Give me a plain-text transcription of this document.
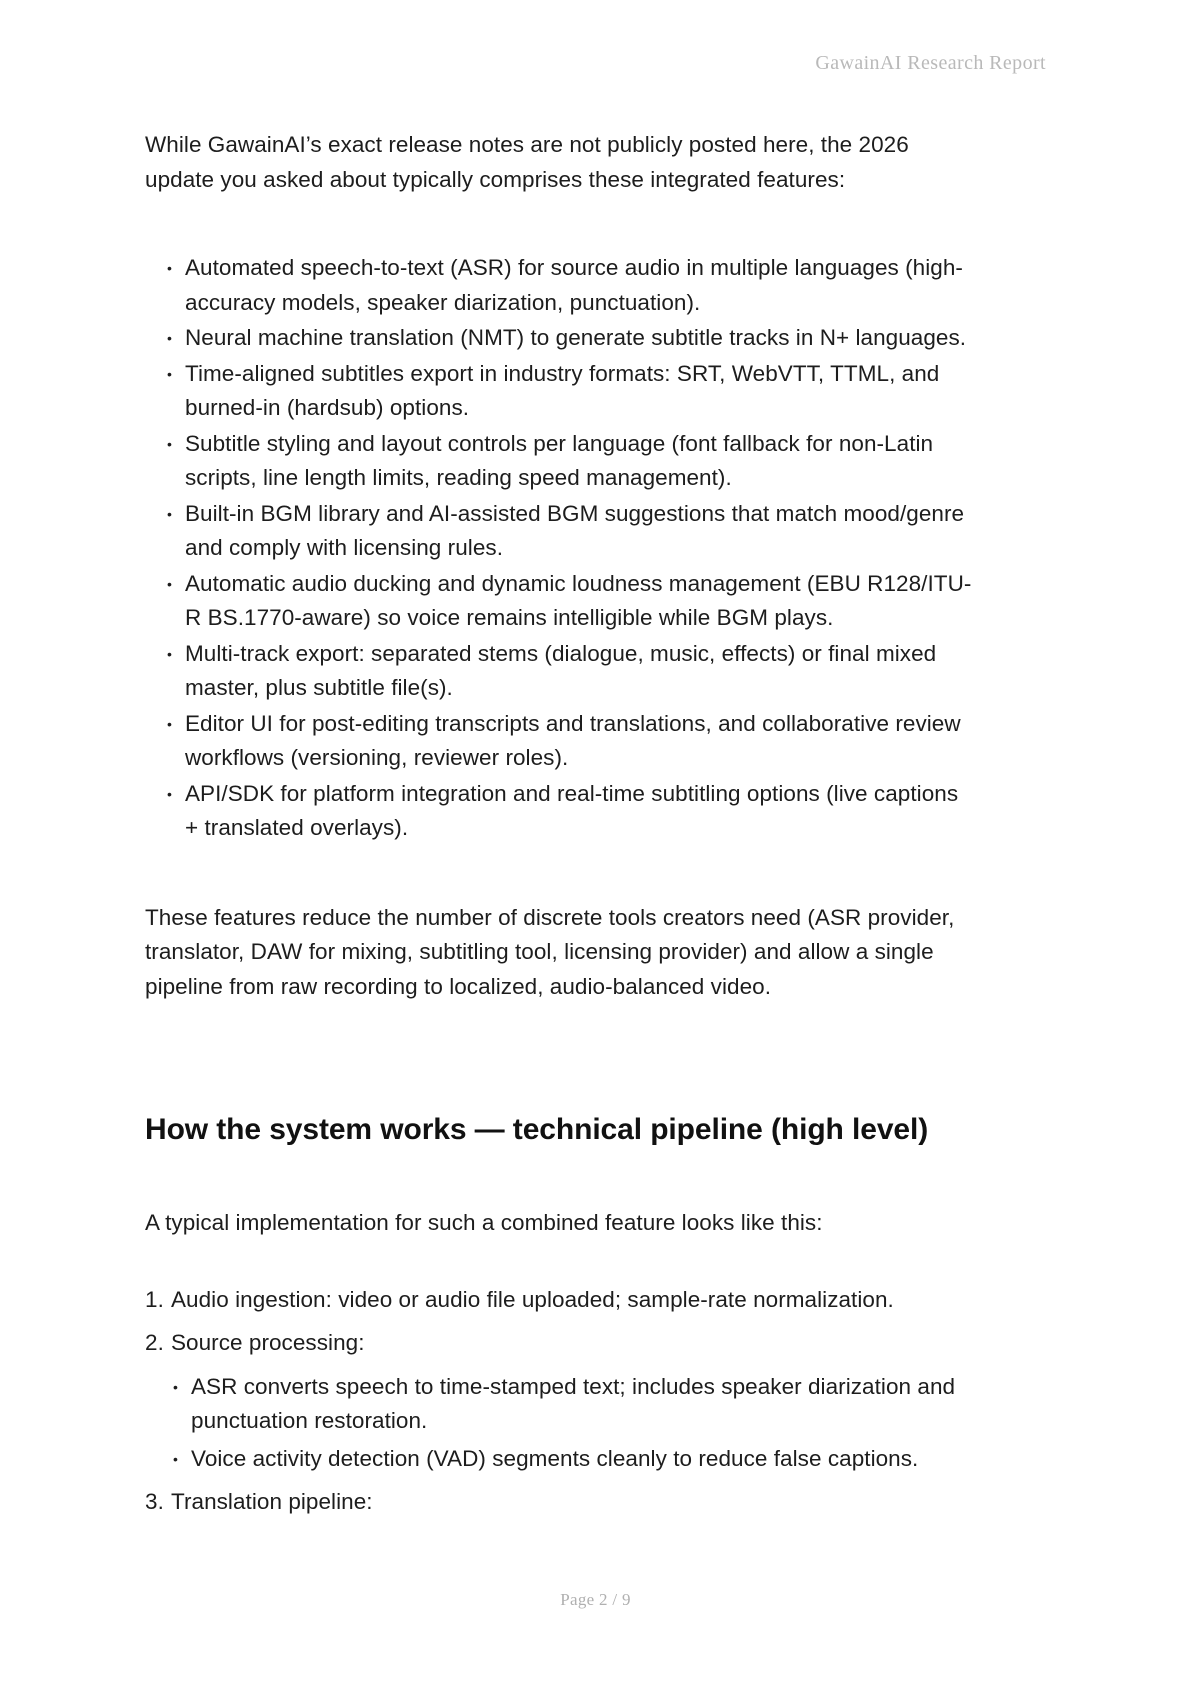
GawainAI Research Report

While GawainAI’s exact release notes are not publicly posted here, the 2026 update you asked about typically comprises these integrated features:

• Automated speech-to-text (ASR) for source audio in multiple languages (high-accuracy models, speaker diarization, punctuation).
• Neural machine translation (NMT) to generate subtitle tracks in N+ languages.
• Time-aligned subtitles export in industry formats: SRT, WebVTT, TTML, and burned-in (hardsub) options.
• Subtitle styling and layout controls per language (font fallback for non-Latin scripts, line length limits, reading speed management).
• Built-in BGM library and AI-assisted BGM suggestions that match mood/genre and comply with licensing rules.
• Automatic audio ducking and dynamic loudness management (EBU R128/ITU-R BS.1770-aware) so voice remains intelligible while BGM plays.
• Multi-track export: separated stems (dialogue, music, effects) or final mixed master, plus subtitle file(s).
• Editor UI for post-editing transcripts and translations, and collaborative review workflows (versioning, reviewer roles).
• API/SDK for platform integration and real-time subtitling options (live captions + translated overlays).

These features reduce the number of discrete tools creators need (ASR provider, translator, DAW for mixing, subtitling tool, licensing provider) and allow a single pipeline from raw recording to localized, audio-balanced video.

How the system works — technical pipeline (high level)

A typical implementation for such a combined feature looks like this:

1. Audio ingestion: video or audio file uploaded; sample-rate normalization.
2. Source processing:
• ASR converts speech to time-stamped text; includes speaker diarization and punctuation restoration.
• Voice activity detection (VAD) segments cleanly to reduce false captions.
3. Translation pipeline:
Page 2 / 9
